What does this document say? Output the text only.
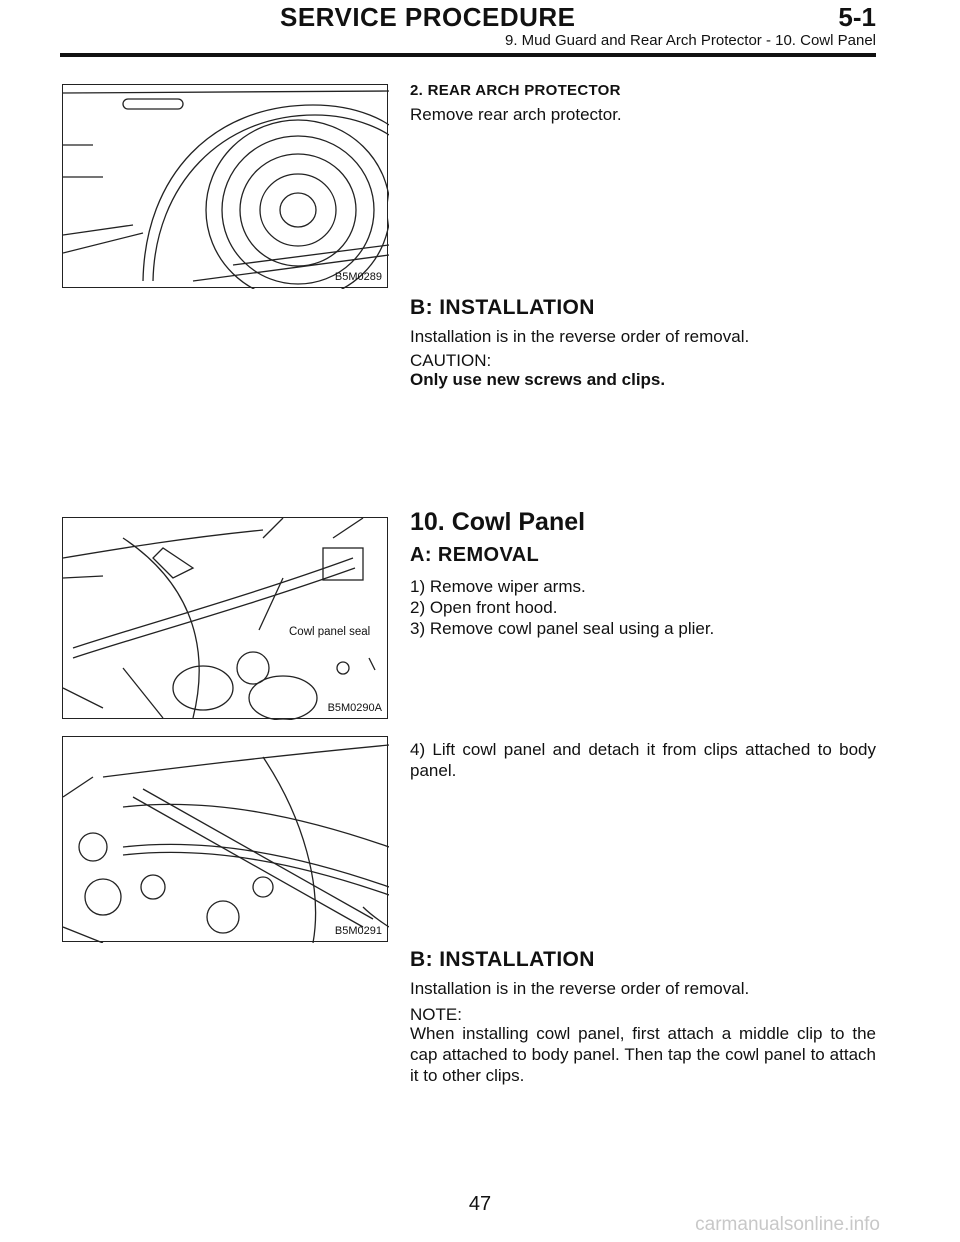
SERVICE PROCEDURE	5-1
9. Mud Guard and Rear Arch Protector - 10. Cowl Panel
B5M0289

2. REAR ARCH PROTECTOR

Remove rear arch protector.

B: INSTALLATION

Installation is in the reverse order of removal.

CAUTION:

Only use new screws and clips.

Cowl panel seal
B5M0290A

10. Cowl Panel

A: REMOVAL

1) Remove wiper arms.

2) Open front hood.

3) Remove cowl panel seal using a plier.

B5M0291

4) Lift cowl panel and detach it from clips attached to body panel.

B: INSTALLATION

Installation is in the reverse order of removal.

NOTE:

When installing cowl panel, first attach a middle clip to the cap attached to body panel. Then tap the cowl panel to attach it to other clips.

47
carmanualsonline.info
